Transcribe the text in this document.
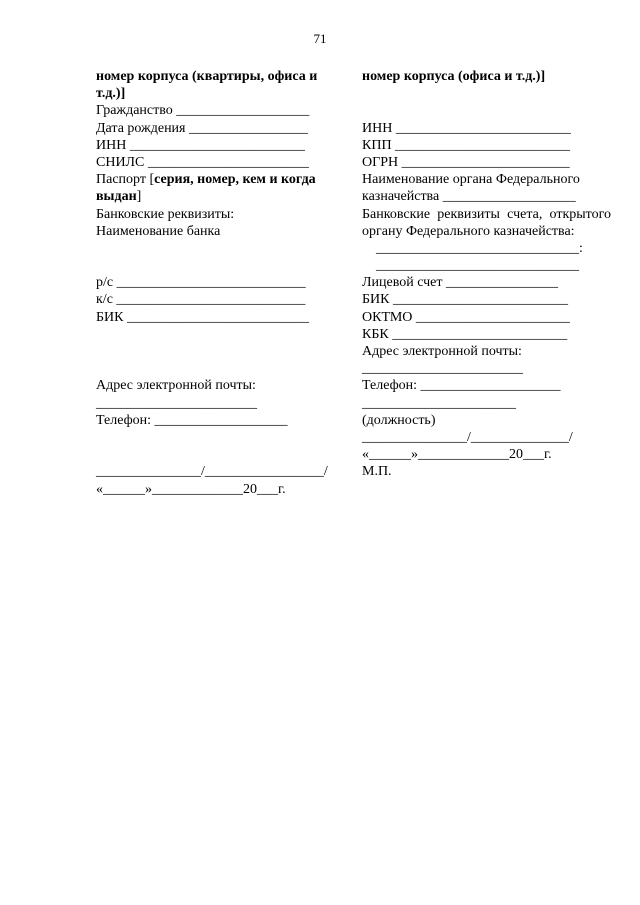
71
номер корпуса (квартиры, офиса и
т.д.)]
Гражданство ___________________
Дата рождения _________________
ИНН _________________________
СНИЛС _______________________
Паспорт [серия, номер, кем и когда
выдан]
Банковские реквизиты:
Наименование банка
р/с ___________________________
к/с ___________________________
БИК __________________________
Адрес электронной почты:
_______________________
Телефон: ___________________
_______________/_________________/
«______»_____________20___г.
номер корпуса (офиса и т.д.)]
ИНН _________________________
КПП _________________________
ОГРН ________________________
Наименование органа Федерального
казначейства ___________________
Банковские реквизиты счета, открытого органу Федерального казначейства:
_____________________________:
_____________________________
Лицевой счет ________________
БИК _________________________
ОКТМО ______________________
КБК _________________________
Адрес электронной почты:
_______________________
Телефон: ____________________
______________________
(должность)
_______________/______________/
«______»_____________20___г.
М.П.
